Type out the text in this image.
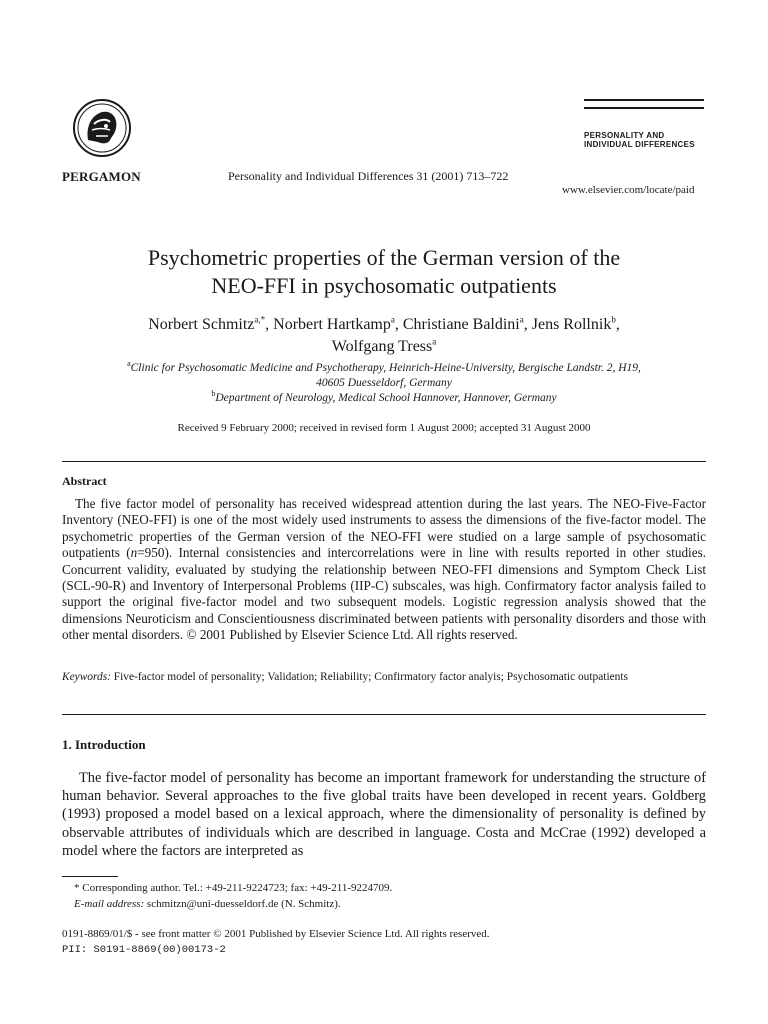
PERGAMON	Personality and Individual Differences 31 (2001) 713–722
PERSONALITY AND
INDIVIDUAL DIFFERENCES
www.elsevier.com/locate/paid
Psychometric properties of the German version of the
NEO-FFI in psychosomatic outpatients
Norbert Schmitz$^{a,*}$, Norbert Hartkamp$^a$, Christiane Baldini$^a$, Jens Rollnik$^b$,
Wolfgang Tress$^a$
$^a$Clinic for Psychosomatic Medicine and Psychotherapy, Heinrich-Heine-University, Bergische Landstr. 2, H19,
40605 Duesseldorf, Germany
$^b$Department of Neurology, Medical School Hannover, Hannover, Germany
Received 9 February 2000; received in revised form 1 August 2000; accepted 31 August 2000
Abstract

The five factor model of personality has received widespread attention during the last years. The NEO-Five-Factor Inventory (NEO-FFI) is one of the most widely used instruments to assess the dimensions of the five-factor model. The psychometric properties of the German version of the NEO-FFI were studied on a large sample of psychosomatic outpatients (n=950). Internal consistencies and intercorrelations were in line with results reported in other studies. Concurrent validity, evaluated by studying the relationship between NEO-FFI dimensions and Symptom Check List (SCL-90-R) and Inventory of Interpersonal Problems (IIP-C) subscales, was high. Confirmatory factor analysis failed to support the original five-factor model and two subsequent models. Logistic regression analysis showed that the dimensions Neuroticism and Conscientiousness discriminated between patients with personality disorders and those with other mental disorders. © 2001 Published by Elsevier Science Ltd. All rights reserved.

Keywords: Five-factor model of personality; Validation; Reliability; Confirmatory factor analyis; Psychosomatic outpatients
1. Introduction

The five-factor model of personality has become an important framework for understanding the structure of human behavior. Several approaches to the five global traits have been developed in recent years. Goldberg (1993) proposed a model based on a lexical approach, where the dimensionality of personality is defined by observable attributes of individuals which are described in language. Costa and McCrae (1992) developed a model where the factors are interpreted as

* Corresponding author. Tel.: +49-211-9224723; fax: +49-211-9224709.
E-mail address: schmitzn@uni-duesseldorf.de (N. Schmitz).
0191-8869/01/$ - see front matter © 2001 Published by Elsevier Science Ltd. All rights reserved.
PII: S0191-8869(00)00173-2
